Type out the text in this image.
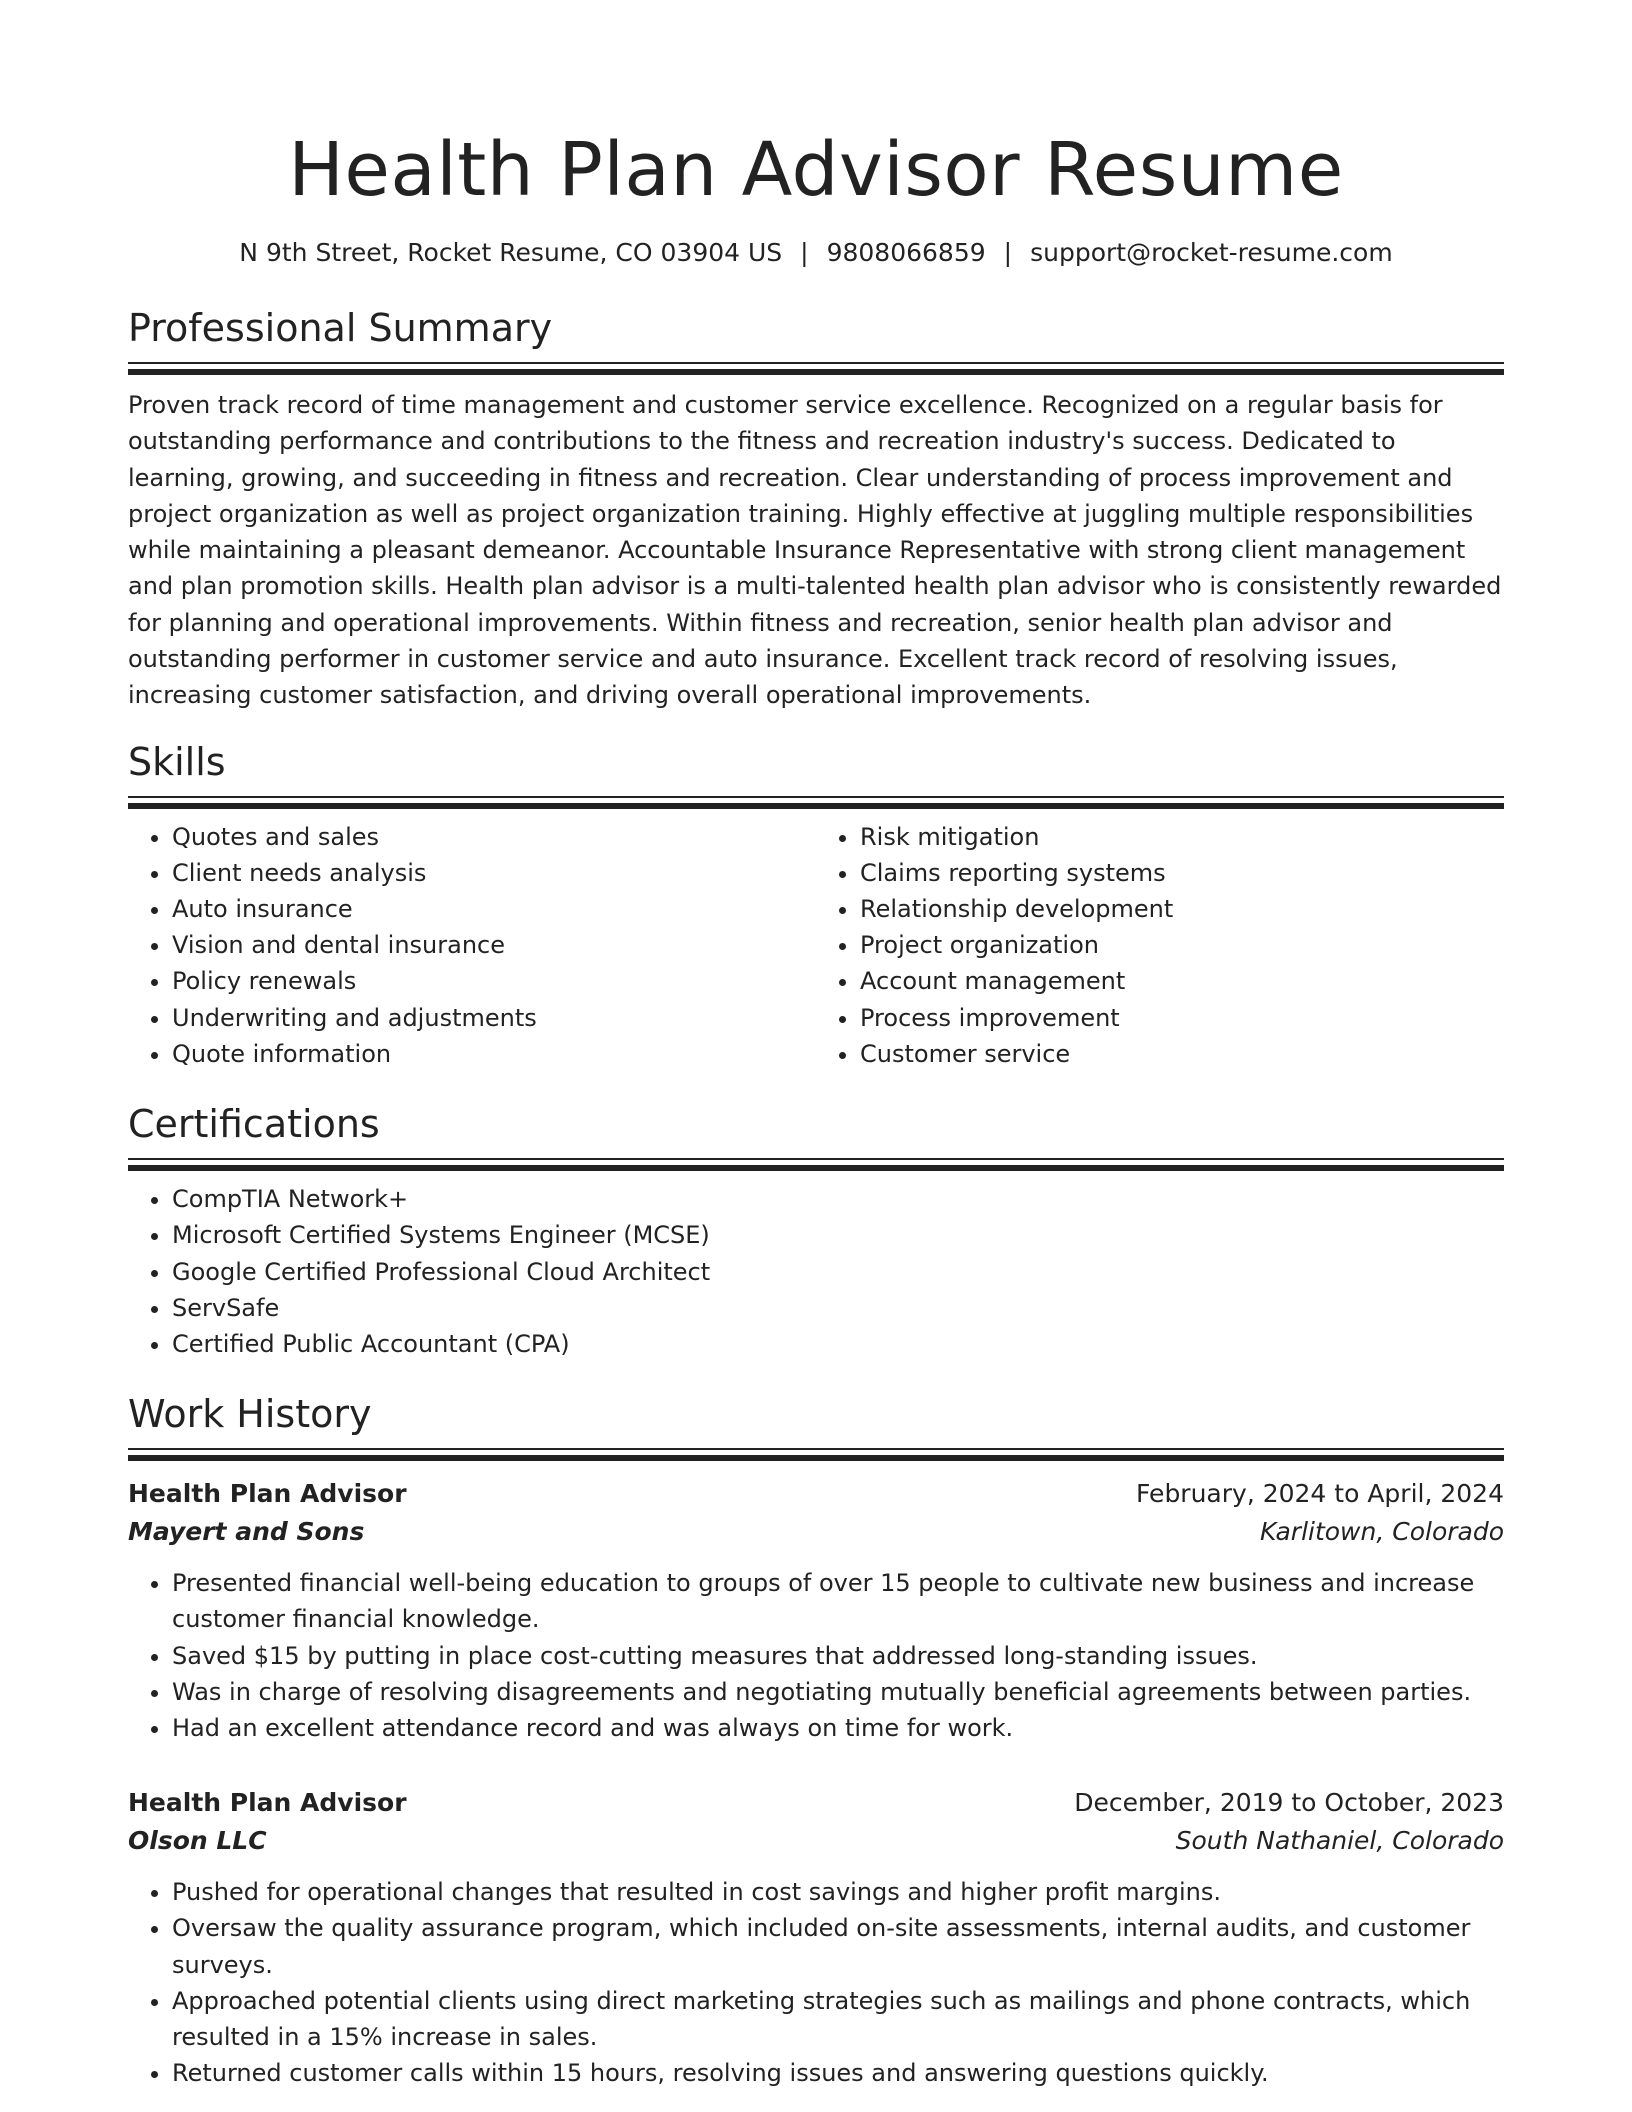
Health Plan Advisor Resume
N 9th Street, Rocket Resume, CO 03904 US | 9808066859 | support@rocket-resume.com
Professional Summary

Proven track record of time management and customer service excellence. Recognized on a regular basis for outstanding performance and contributions to the fitness and recreation industry's success. Dedicated to learning, growing, and succeeding in fitness and recreation. Clear understanding of process improvement and project organization as well as project organization training. Highly effective at juggling multiple responsibilities while maintaining a pleasant demeanor. Accountable Insurance Representative with strong client management and plan promotion skills. Health plan advisor is a multi-talented health plan advisor who is consistently rewarded for planning and operational improvements. Within fitness and recreation, senior health plan advisor and outstanding performer in customer service and auto insurance. Excellent track record of resolving issues, increasing customer satisfaction, and driving overall operational improvements.

Skills
• Quotes and sales
• Client needs analysis
• Auto insurance
• Vision and dental insurance
• Policy renewals
• Underwriting and adjustments
• Quote information
• Risk mitigation
• Claims reporting systems
• Relationship development
• Project organization
• Account management
• Process improvement
• Customer service
Certifications
• CompTIA Network+
• Microsoft Certified Systems Engineer (MCSE)
• Google Certified Professional Cloud Architect
• ServSafe
• Certified Public Accountant (CPA)
Work History
Health Plan Advisor	February, 2024 to April, 2024
Mayert and Sons	Karlitown, Colorado
• Presented financial well-being education to groups of over 15 people to cultivate new business and increase customer financial knowledge.
• Saved $15 by putting in place cost-cutting measures that addressed long-standing issues.
• Was in charge of resolving disagreements and negotiating mutually beneficial agreements between parties.
• Had an excellent attendance record and was always on time for work.
Health Plan Advisor	December, 2019 to October, 2023
Olson LLC	South Nathaniel, Colorado
• Pushed for operational changes that resulted in cost savings and higher profit margins.
• Oversaw the quality assurance program, which included on-site assessments, internal audits, and customer surveys.
• Approached potential clients using direct marketing strategies such as mailings and phone contracts, which resulted in a 15% increase in sales.
• Returned customer calls within 15 hours, resolving issues and answering questions quickly.
